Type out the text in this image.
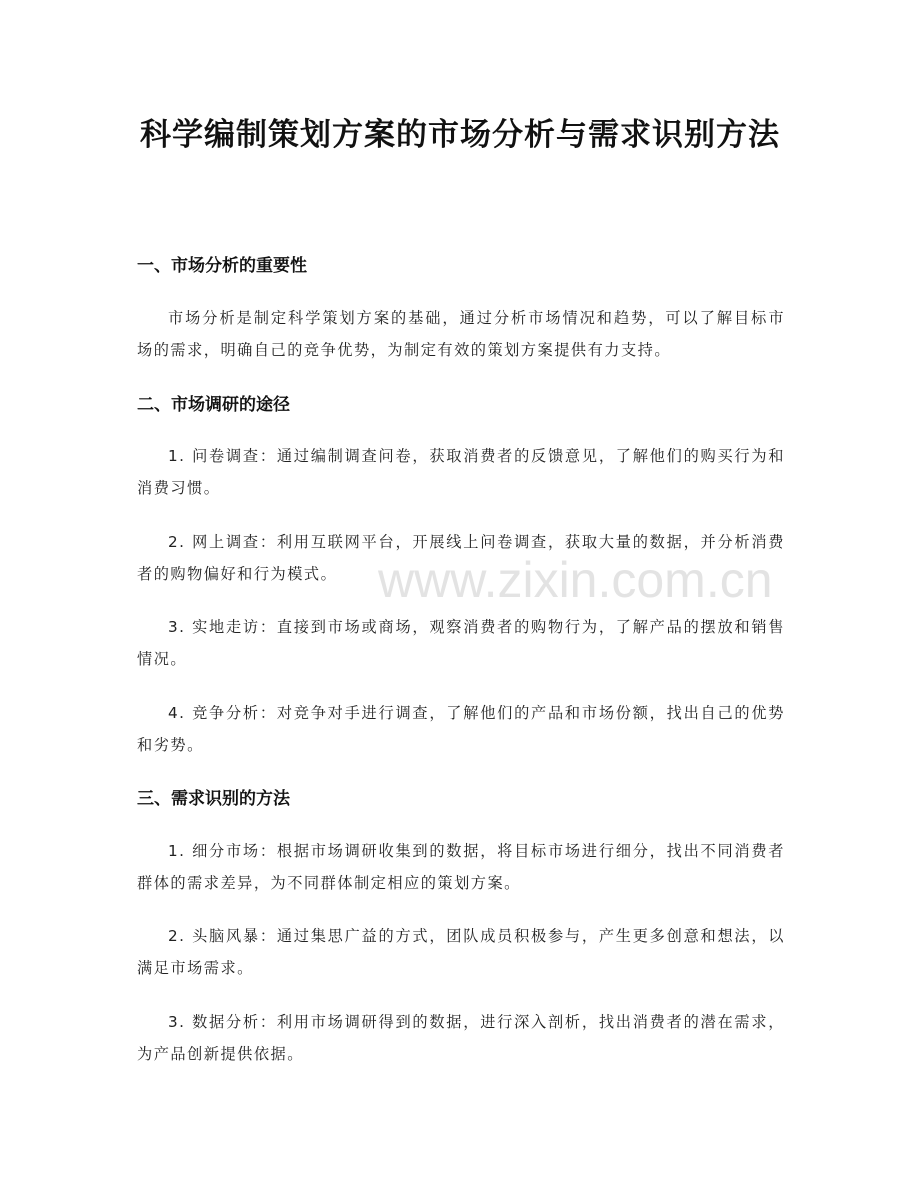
科学编制策划方案的市场分析与需求识别方法
一、市场分析的重要性

市场分析是制定科学策划方案的基础，通过分析市场情况和趋势，可以了解目标市场的需求，明确自己的竞争优势，为制定有效的策划方案提供有力支持。

二、市场调研的途径

1. 问卷调查：通过编制调查问卷，获取消费者的反馈意见，了解他们的购买行为和消费习惯。

2. 网上调查：利用互联网平台，开展线上问卷调查，获取大量的数据，并分析消费者的购物偏好和行为模式。

3. 实地走访：直接到市场或商场，观察消费者的购物行为，了解产品的摆放和销售情况。

4. 竞争分析：对竞争对手进行调查，了解他们的产品和市场份额，找出自己的优势和劣势。

三、需求识别的方法

1. 细分市场：根据市场调研收集到的数据，将目标市场进行细分，找出不同消费者群体的需求差异，为不同群体制定相应的策划方案。

2. 头脑风暴：通过集思广益的方式，团队成员积极参与，产生更多创意和想法，以满足市场需求。

3. 数据分析：利用市场调研得到的数据，进行深入剖析，找出消费者的潜在需求，为产品创新提供依据。

www.zixin.com.cn
